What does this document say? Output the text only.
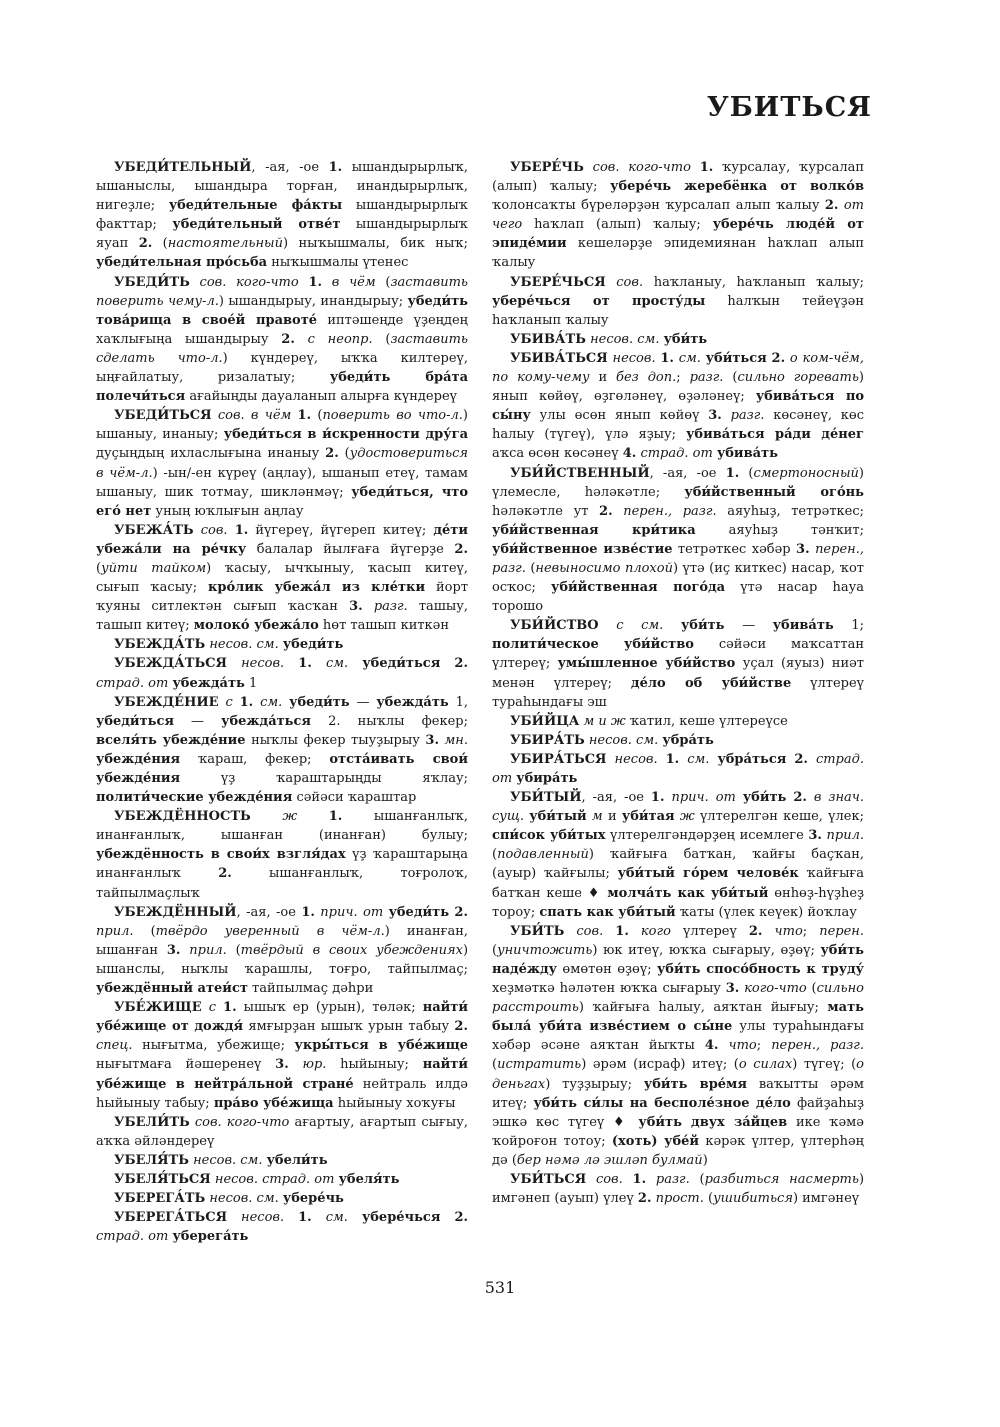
УБИТЬСЯ

УБЕДИ́ТЕЛЬНЫЙ, -ая, -ое 1. ышандырырлыҡ, ышаныслы, ышандыра торған, инандырырлыҡ, нигеҙле; убеди́тельные фа́кты ышандырырлыҡ факттар; убеди́тельный отве́т ышандырырлыҡ яуап 2. (настоятельный) ныҡышмалы, бик ныҡ; убеди́тельная про́сьба ныҡышмалы үтенес

УБЕДИ́ТЬ сов. кого-что 1. в чём (заставить поверить чему-л.) ышандырыу, инандырыу; убеди́ть това́рища в свое́й правоте́ иптәшеңде үҙеңдең хаҡлығыңа ышандырыу 2. с неопр. (заставить сделать что-л.) күндереү, ыҡҡа килтереү, ыңғайлатыу, ризалатыу; убеди́ть бра́та полечи́ться ағайыңды дауаланып алырға күндереү

УБЕДИ́ТЬСЯ сов. в чём 1. (поверить во что-л.) ышаныу, инаныу; убеди́ться в и́скренности дру́га дуҫыңдың ихласлығына инаныу 2. (удостовериться в чём-л.) -ын/-ен күреү (аңлау), ышанып етеү, тамам ышаныу, шик тотмау, шикләнмәү; убеди́ться, что его́ нет уның юҡлығын аңлау

УБЕЖА́ТЬ сов. 1. йүгереү, йүгереп китеү; де́ти убежа́ли на ре́чку балалар йылғаға йүгерҙе 2. (уйти тайком) ҡасыу, ычҡыныу, ҡасып китеү, сығып ҡасыу; кро́лик убежа́л из кле́тки йорт ҡуяны ситлектән сығып ҡасҡан 3. разг. ташыу, ташып китеү; молоко́ убежа́ло һөт ташып киткән

УБЕЖДА́ТЬ несов. см. убеди́ть

УБЕЖДА́ТЬСЯ несов. 1. см. убеди́ться 2. страд. от убежда́ть 1

УБЕЖДЕ́НИЕ с 1. см. убеди́ть — убежда́ть 1, убеди́ться — убежда́ться 2. ныҡлы фекер; вселя́ть убежде́ние ныҡлы фекер тыуҙырыу 3. мн. убежде́ния ҡараш, фекер; отста́ивать свои́ убежде́ния үҙ ҡараштарыңды яҡлау; полити́ческие убежде́ния сәйәси ҡараштар

УБЕЖДЁННОСТЬ ж 1. ышанғанлыҡ, инанғанлыҡ, ышанған (инанған) булыу; убеждённость в свои́х взгля́дах үҙ ҡараштарыңа инанғанлыҡ 2. ышанғанлыҡ, тоғролоҡ, тайпылмаҫлыҡ

УБЕЖДЁННЫЙ, -ая, -ое 1. прич. от убеди́ть 2. прил. (твёрдо уверенный в чём-л.) инанған, ышанған 3. прил. (твёрдый в своих убеждениях) ышанслы, ныҡлы ҡарашлы, тоғро, тайпылмаҫ; убеждённый атеи́ст тайпылмаҫ дәһри

УБЕ́ЖИЩЕ с 1. ышыҡ ер (урын), төләк; найти́ убе́жище от дождя́ ямғырҙан ышыҡ урын табыу 2. спец. нығытма, убежище; укры́ться в убе́жище нығытмаға йәшеренеү 3. юр. һыйыныу; найти́ убе́жище в нейтра́льной стране́ нейтраль илдә һыйыныу табыу; пра́во убе́жища һыйыныу хоҡуғы

УБЕЛИ́ТЬ сов. кого-что ағартыу, ағартып сығыу, аҡҡа әйләндереү

УБЕЛЯ́ТЬ несов. см. убели́ть

УБЕЛЯ́ТЬСЯ несов. страд. от убеля́ть

УБЕРЕГА́ТЬ несов. см. убере́чь

УБЕРЕГА́ТЬСЯ несов. 1. см. убере́чься 2. страд. от уберега́ть

УБЕРЕ́ЧЬ сов. кого-что 1. ҡурсалау, ҡурсалап (алып) ҡалыу; убере́чь жеребёнка от волко́в ҡолонсаҡты бүреләрҙән ҡурсалап алып ҡалыу 2. от чего һаҡлап (алып) ҡалыу; убере́чь люде́й от эпиде́мии кешеләрҙе эпидемиянан һаҡлап алып ҡалыу

УБЕРЕ́ЧЬСЯ сов. һаҡланыу, һаҡланып ҡалыу; убере́чься от просту́ды һалҡын тейеүҙән һаҡланып ҡалыу

УБИВА́ТЬ несов. см. уби́ть

УБИВА́ТЬСЯ несов. 1. см. уби́ться 2. о ком-чём, по кому-чему и без доп.; разг. (сильно горевать) янып көйөү, өҙгөләнеү, өҙәләнеү; убива́ться по сы́ну улы өсөн янып көйөү 3. разг. көсәнеү, көс һалыу (түгеү), үлә яҙыу; убива́ться ра́ди де́нег аҡса өсөн көсәнеү 4. страд. от убива́ть

УБИ́ЙСТВЕННЫЙ, -ая, -ое 1. (смертоносный) үлемесле, һәләкәтле; уби́йственный ого́нь һәләкәтле ут 2. перен., разг. аяуһыҙ, тетрәткес; уби́йственная кри́тика аяуһыҙ тәнҡит; уби́йственное изве́стие тетрәткес хәбәр 3. перен., разг. (невыносимо плохой) үтә (иҫ киткес) насар, ҡот осҡос; уби́йственная пого́да үтә насар һауа торошо

УБИ́ЙСТВО с см. уби́ть — убива́ть 1; полити́ческое уби́йство сәйәси маҡсаттан үлтереү; умы́шленное уби́йство уҫал (яуыз) ниәт менән үлтереү; де́ло об уби́йстве үлтереү тураһындағы эш

УБИ́ЙЦА м и ж ҡатил, кеше үлтереүсе

УБИРА́ТЬ несов. см. убра́ть

УБИРА́ТЬСЯ несов. 1. см. убра́ться 2. страд. от убира́ть

УБИ́ТЫЙ, -ая, -ое 1. прич. от уби́ть 2. в знач. сущ. уби́тый м и уби́тая ж үлтерелгән кеше, үлек; спи́сок уби́тых үлтерелгәндәрҙең исемлеге 3. прил. (подавленный) ҡайғыға батҡан, ҡайғы баҫҡан, (ауыр) ҡайғылы; уби́тый го́рем челове́к ҡайғыға батҡан кеше ♦ молча́ть как уби́тый өнһөҙ-һүҙһеҙ тороу; спать как уби́тый ҡаты (үлек кеүек) йоҡлау

УБИ́ТЬ сов. 1. кого үлтереү 2. что; перен. (уничтожить) юк итеү, юҡҡа сығарыу, өҙөү; уби́ть наде́жду өмөтөн өҙөү; уби́ть спосо́бность к труду́ хеҙмәткә һәләтен юҡҡа сығарыу 3. кого-что (сильно расстроить) ҡайғыға һалыу, аяҡтан йығыу; мать была́ уби́та изве́стием о сы́не улы тураһындағы хәбәр әсәне аяҡтан йыҡты 4. что; перен., разг. (истратить) әрәм (исраф) итеү; (о силах) түгеү; (о деньгах) туҙҙырыу; уби́ть вре́мя ваҡытты әрәм итеү; уби́ть си́лы на бесполе́зное де́ло файҙаһыҙ эшкә көс түгеү ♦ уби́ть двух за́йцев ике ҡәмә ҡойроғон тотоу; (хоть) убе́й кәрәк үлтер, үлтерһәң дә (бер нәмә лә эшләп булмай)

УБИ́ТЬСЯ сов. 1. разг. (разбиться насмерть) имгәнеп (ауып) үлеү 2. прост. (ушибиться) имгәнеү

531
